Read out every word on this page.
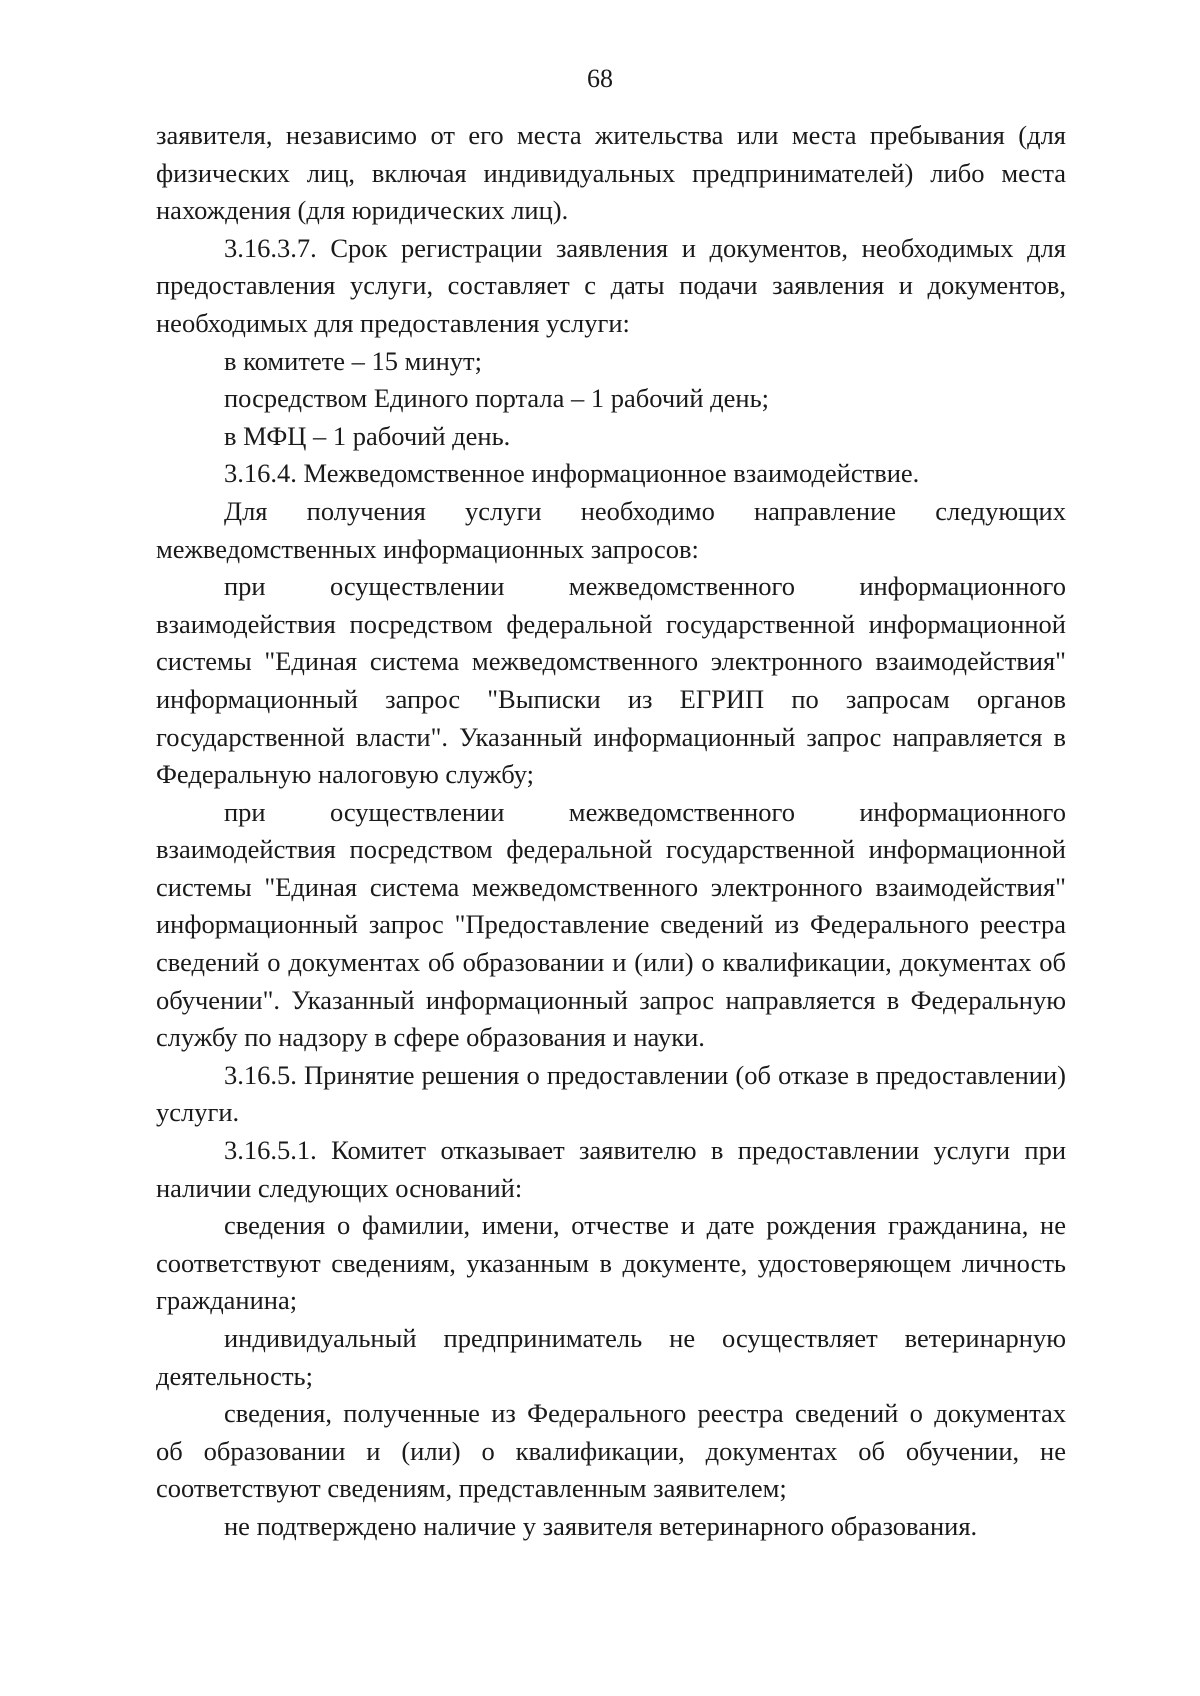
68

заявителя, независимо от его места жительства или места пребывания (для физических лиц, включая индивидуальных предпринимателей) либо места нахождения (для юридических лиц).

3.16.3.7. Срок регистрации заявления и документов, необходимых для предоставления услуги, составляет с даты подачи заявления и документов, необходимых для предоставления услуги:

в комитете – 15 минут;

посредством Единого портала – 1 рабочий день;

в МФЦ – 1 рабочий день.

3.16.4. Межведомственное информационное взаимодействие.

Для получения услуги необходимо направление следующих межведомственных информационных запросов:

при осуществлении межведомственного информационного взаимодействия посредством федеральной государственной информационной системы "Единая система межведомственного электронного взаимодействия" информационный запрос "Выписки из ЕГРИП по запросам органов государственной власти". Указанный информационный запрос направляется в Федеральную налоговую службу;

при осуществлении межведомственного информационного взаимодействия посредством федеральной государственной информационной системы "Единая система межведомственного электронного взаимодействия" информационный запрос "Предоставление сведений из Федерального реестра сведений о документах об образовании и (или) о квалификации, документах об обучении". Указанный информационный запрос направляется в Федеральную службу по надзору в сфере образования и науки.

3.16.5. Принятие решения о предоставлении (об отказе в предоставлении) услуги.

3.16.5.1. Комитет отказывает заявителю в предоставлении услуги при наличии следующих оснований:

сведения о фамилии, имени, отчестве и дате рождения гражданина, не соответствуют сведениям, указанным в документе, удостоверяющем личность гражданина;

индивидуальный предприниматель не осуществляет ветеринарную деятельность;

сведения, полученные из Федерального реестра сведений о документах об образовании и (или) о квалификации, документах об обучении, не соответствуют сведениям, представленным заявителем;

не подтверждено наличие у заявителя ветеринарного образования.
